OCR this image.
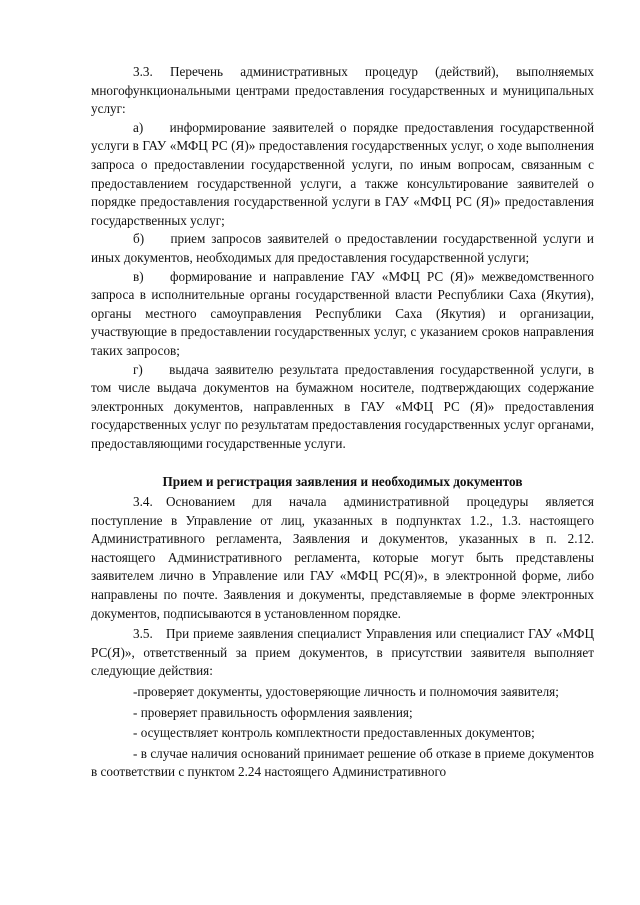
3.3. Перечень административных процедур (действий), выполняемых многофункциональными центрами предоставления государственных и муниципальных услуг:

а)  информирование заявителей о порядке предоставления государственной услуги в ГАУ «МФЦ РС (Я)» предоставления государственных услуг, о ходе выполнения запроса о предоставлении государственной услуги, по иным вопросам, связанным с предоставлением государственной услуги, а также консультирование заявителей о порядке предоставления государственной услуги в ГАУ «МФЦ РС (Я)» предоставления государственных услуг;

б)  прием запросов заявителей о предоставлении государственной услуги и иных документов, необходимых для предоставления государственной услуги;

в)  формирование и направление ГАУ «МФЦ РС (Я)» межведомственного запроса в исполнительные органы государственной власти Республики Саха (Якутия), органы местного самоуправления Республики Саха (Якутия) и организации, участвующие в предоставлении государственных услуг, с указанием сроков направления таких запросов;

г)  выдача заявителю результата предоставления государственной услуги, в том числе выдача документов на бумажном носителе, подтверждающих содержание электронных документов, направленных в ГАУ «МФЦ РС (Я)» предоставления государственных услуг по результатам предоставления государственных услуг органами, предоставляющими государственные услуги.

Прием и регистрация заявления и необходимых документов

3.4. Основанием для начала административной процедуры является поступление в Управление от лиц, указанных в подпунктах 1.2., 1.3. настоящего Административного регламента, Заявления и документов, указанных в п. 2.12. настоящего Административного регламента, которые могут быть представлены заявителем лично в Управление или ГАУ «МФЦ РС(Я)», в электронной форме, либо направлены по почте. Заявления и документы, представляемые в форме электронных документов, подписываются в установленном порядке.

3.5. При приеме заявления специалист Управления или специалист ГАУ «МФЦ РС(Я)», ответственный за прием документов, в присутствии заявителя выполняет следующие действия:

-проверяет документы, удостоверяющие личность и полномочия заявителя;

- проверяет правильность оформления заявления;

- осуществляет контроль комплектности предоставленных документов;

- в случае наличия оснований принимает решение об отказе в приеме документов в соответствии с пунктом 2.24 настоящего Административного
